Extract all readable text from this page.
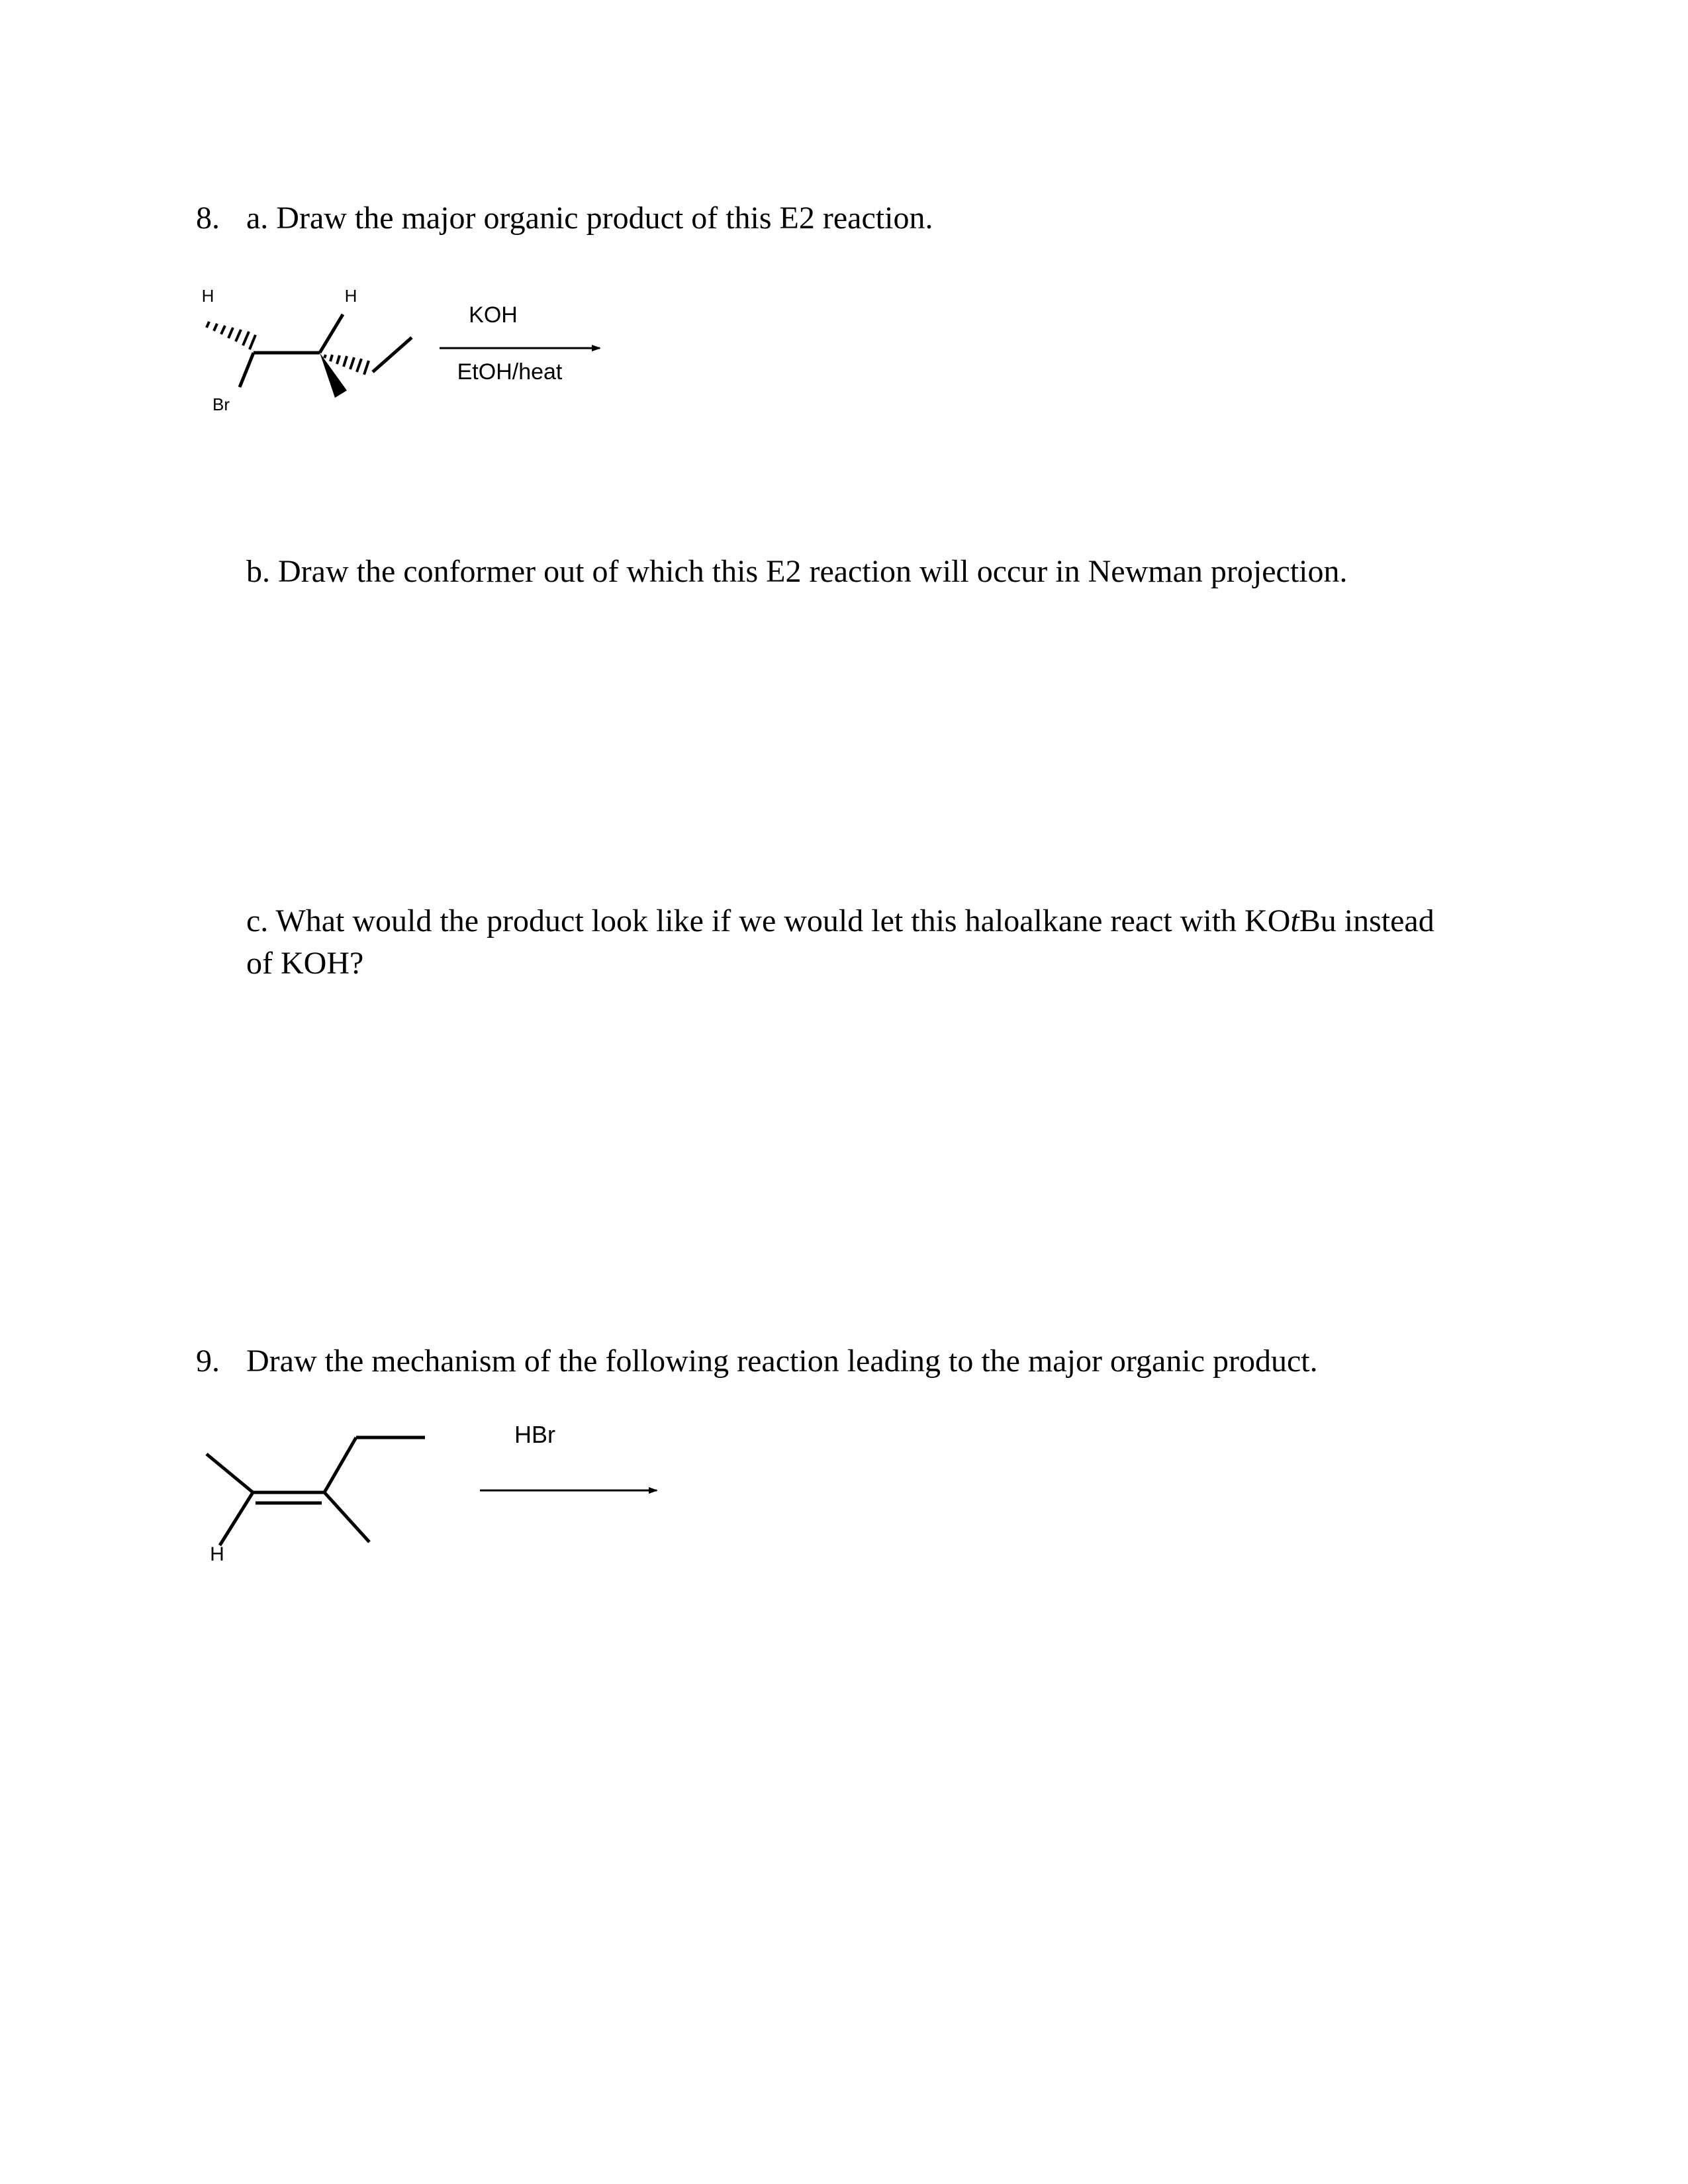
8. a. Draw the major organic product of this E2 reaction.
H	H
Br
KOH
EtOH/heat
b. Draw the conformer out of which this E2 reaction will occur in Newman projection.
c. What would the product look like if we would let this haloalkane react with KOtBu instead
of KOH?
9. Draw the mechanism of the following reaction leading to the major organic product.
H
HBr
